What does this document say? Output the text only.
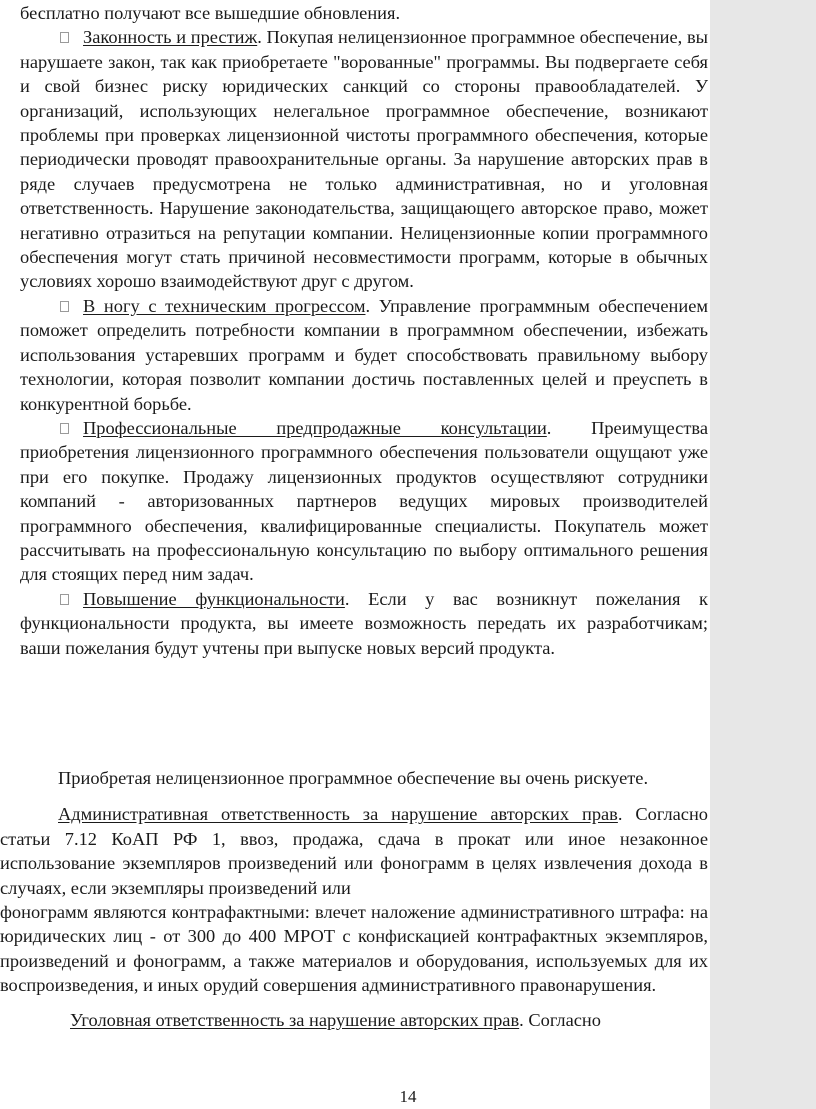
бесплатно получают все вышедшие обновления.

Законность и престиж. Покупая нелицензионное программное обеспечение, вы нарушаете закон, так как приобретаете "ворованные" программы. Вы подвергаете себя и свой бизнес риску юридических санкций со стороны правообладателей. У организаций, использующих нелегальное программное обеспечение, возникают проблемы при проверках лицензионной чистоты программного обеспечения, которые периодически проводят правоохранительные органы. За нарушение авторских прав в ряде случаев предусмотрена не только административная, но и уголовная ответственность. Нарушение законодательства, защищающего авторское право, может негативно отразиться на репутации компании. Нелицензионные копии программного обеспечения могут стать причиной несовместимости программ, которые в обычных условиях хорошо взаимодействуют друг с другом.

В ногу с техническим прогрессом. Управление программным обеспечением поможет определить потребности компании в программном обеспечении, избежать использования устаревших программ и будет способствовать правильному выбору технологии, которая позволит компании достичь поставленных целей и преуспеть в конкурентной борьбе.

Профессиональные предпродажные консультации. Преимущества приобретения лицензионного программного обеспечения пользователи ощущают уже при его покупке. Продажу лицензионных продуктов осуществляют сотрудники компаний - авторизованных партнеров ведущих мировых производителей программного обеспечения, квалифицированные специалисты. Покупатель может рассчитывать на профессиональную консультацию по выбору оптимального решения для стоящих перед ним задач.

Повышение функциональности. Если у вас возникнут пожелания к функциональности продукта, вы имеете возможность передать их разработчикам; ваши пожелания будут учтены при выпуске новых версий продукта.

Приобретая нелицензионное программное обеспечение вы очень рискуете.

Административная ответственность за нарушение авторских прав. Согласно статьи 7.12 КоАП РФ 1, ввоз, продажа, сдача в прокат или иное незаконное использование экземпляров произведений или фонограмм в целях извлечения дохода в случаях, если экземпляры произведений или

фонограмм являются контрафактными: влечет наложение административного штрафа: на юридических лиц - от 300 до 400 МРОТ с конфискацией контрафактных экземпляров, произведений и фонограмм, а также материалов и оборудования, используемых для их воспроизведения, и иных орудий совершения административного правонарушения.

Уголовная ответственность за нарушение авторских прав. Согласно

14
